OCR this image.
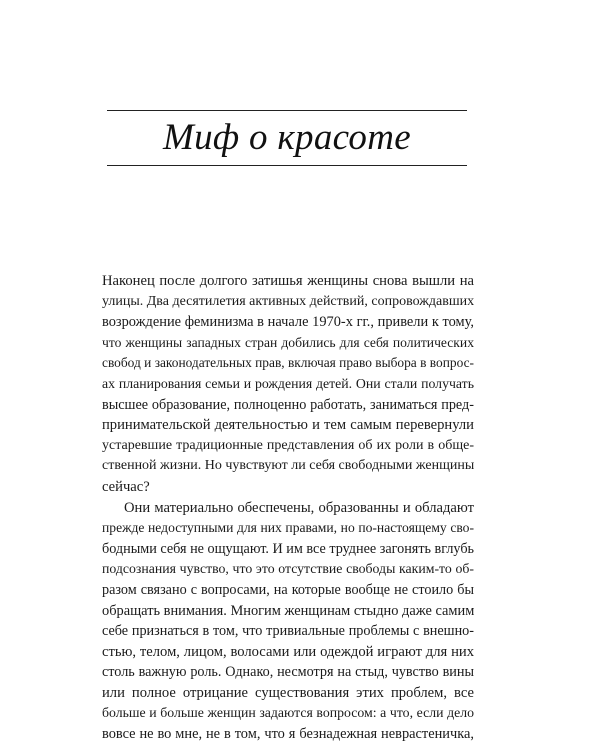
Миф о красоте
Наконец после долгого затишья женщины снова вышли на
улицы. Два десятилетия активных действий, сопровождавших
возрождение феминизма в начале 1970-х гг., привели к тому,
что женщины западных стран добились для себя политических
свобод и законодательных прав, включая право выбора в вопрос-
ах планирования семьи и рождения детей. Они стали получать
высшее образование, полноценно работать, заниматься пред-
принимательской деятельностью и тем самым перевернули
устаревшие традиционные представления об их роли в обще-
ственной жизни. Но чувствуют ли себя свободными женщины
сейчас?
Они материально обеспечены, образованны и обладают
прежде недоступными для них правами, но по-настоящему сво-
бодными себя не ощущают. И им все труднее загонять вглубь
подсознания чувство, что это отсутствие свободы каким-то об-
разом связано с вопросами, на которые вообще не стоило бы
обращать внимания. Многим женщинам стыдно даже самим
себе признаться в том, что тривиальные проблемы с внешно-
стью, телом, лицом, волосами или одеждой играют для них
столь важную роль. Однако, несмотря на стыд, чувство вины
или полное отрицание существования этих проблем, все
больше и больше женщин задаются вопросом: а что, если дело
вовсе не во мне, не в том, что я безнадежная неврастеничка,
